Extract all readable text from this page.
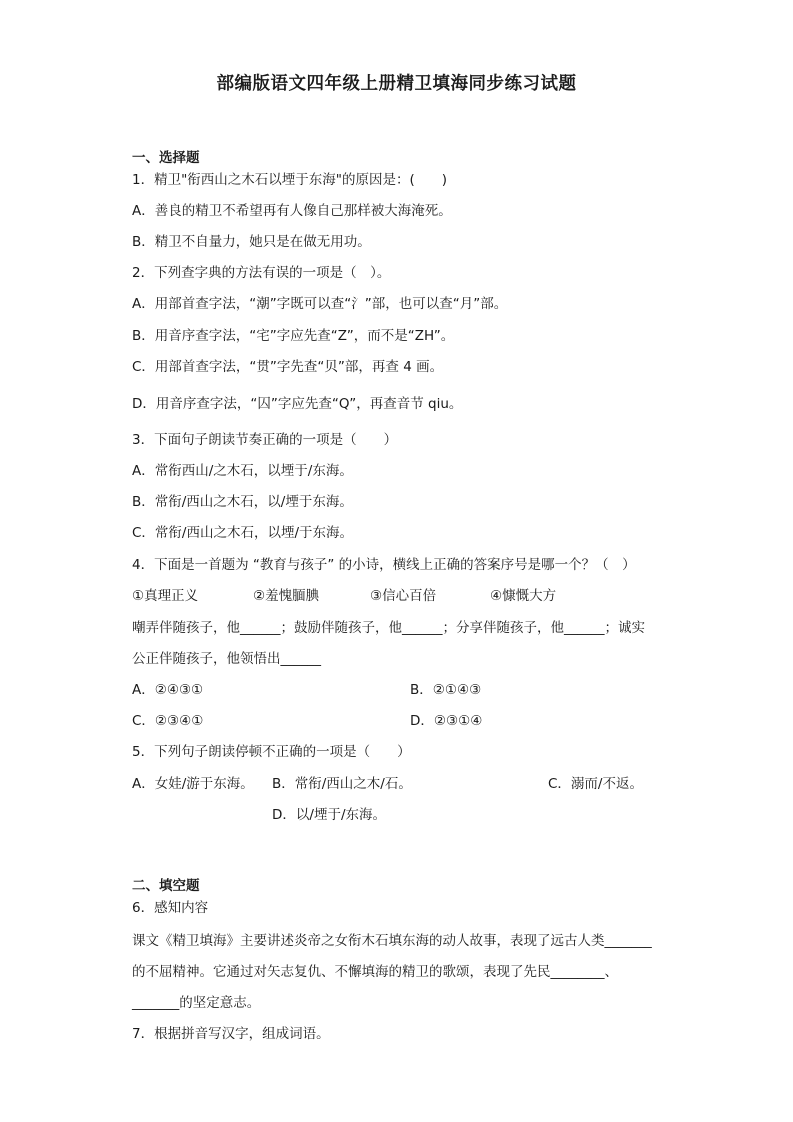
部编版语文四年级上册精卫填海同步练习试题
一、选择题
1．精卫"衔西山之木石以堙于东海"的原因是：(　　)
A．善良的精卫不希望再有人像自己那样被大海淹死。
B．精卫不自量力，她只是在做无用功。
2．下列查字典的方法有误的一项是（　）。
A．用部首查字法，“潮”字既可以查“氵”部，也可以查“月”部。
B．用音序查字法，“宅”字应先查“Z”，而不是“ZH”。
C．用部首查字法，“贯”字先查“贝”部，再查 4 画。
D．用音序查字法，“囚”字应先查“Q”，再查音节 qiu。
3．下面句子朗读节奏正确的一项是（　　）
A．常衔西山/之木石，以堙于/东海。
B．常衔/西山之木石，以/堙于东海。
C．常衔/西山之木石，以堙/于东海。
4．下面是一首题为 “教育与孩子” 的小诗，横线上正确的答案序号是哪一个？（　）
①真理正义	②羞愧腼腆	③信心百倍	④慷慨大方
嘲弄伴随孩子，他______；鼓励伴随孩子，他______；分享伴随孩子，他______；诚实
公正伴随孩子，他领悟出______
A．②④③①	B．②①④③
C．②③④①	D．②③①④
5．下列句子朗读停顿不正确的一项是（　　）
A．女娃/游于东海。 B．常衔/西山之木/石。	C．溺而/不返。
D．以/堙于/东海。
二、填空题
6．感知内容
课文《精卫填海》主要讲述炎帝之女衔木石填东海的动人故事，表现了远古人类_______
的不屈精神。它通过对矢志复仇、不懈填海的精卫的歌颂，表现了先民________、
_______的坚定意志。
7．根据拼音写汉字，组成词语。
